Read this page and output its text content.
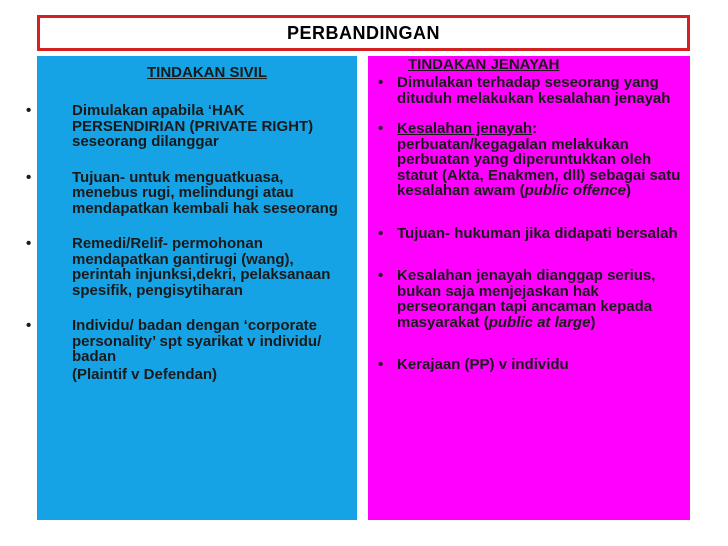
PERBANDINGAN
TINDAKAN SIVIL
•	Dimulakan apabila ‘HAK PERSENDIRIAN (PRIVATE RIGHT) seseorang dilanggar
•	Tujuan- untuk menguatkuasa, menebus rugi, melindungi atau mendapatkan kembali hak seseorang
•	Remedi/Relif- permohonan mendapatkan gantirugi (wang), perintah injunksi,dekri, pelaksanaan spesifik, pengisytiharan
•	Individu/ badan dengan ‘corporate personality’ spt syarikat v individu/ badan
(Plaintif v Defendan)
TINDAKAN JENAYAH
• Dimulakan terhadap seseorang yang dituduh melakukan kesalahan jenayah
• Kesalahan jenayah: perbuatan/kegagalan melakukan perbuatan yang diperuntukkan oleh statut (Akta, Enakmen, dll) sebagai satu kesalahan awam (public offence)
• Tujuan- hukuman jika didapati bersalah
• Kesalahan jenayah dianggap serius, bukan saja menjejaskan hak perseorangan tapi ancaman kepada masyarakat (public at large)
• Kerajaan (PP) v individu
